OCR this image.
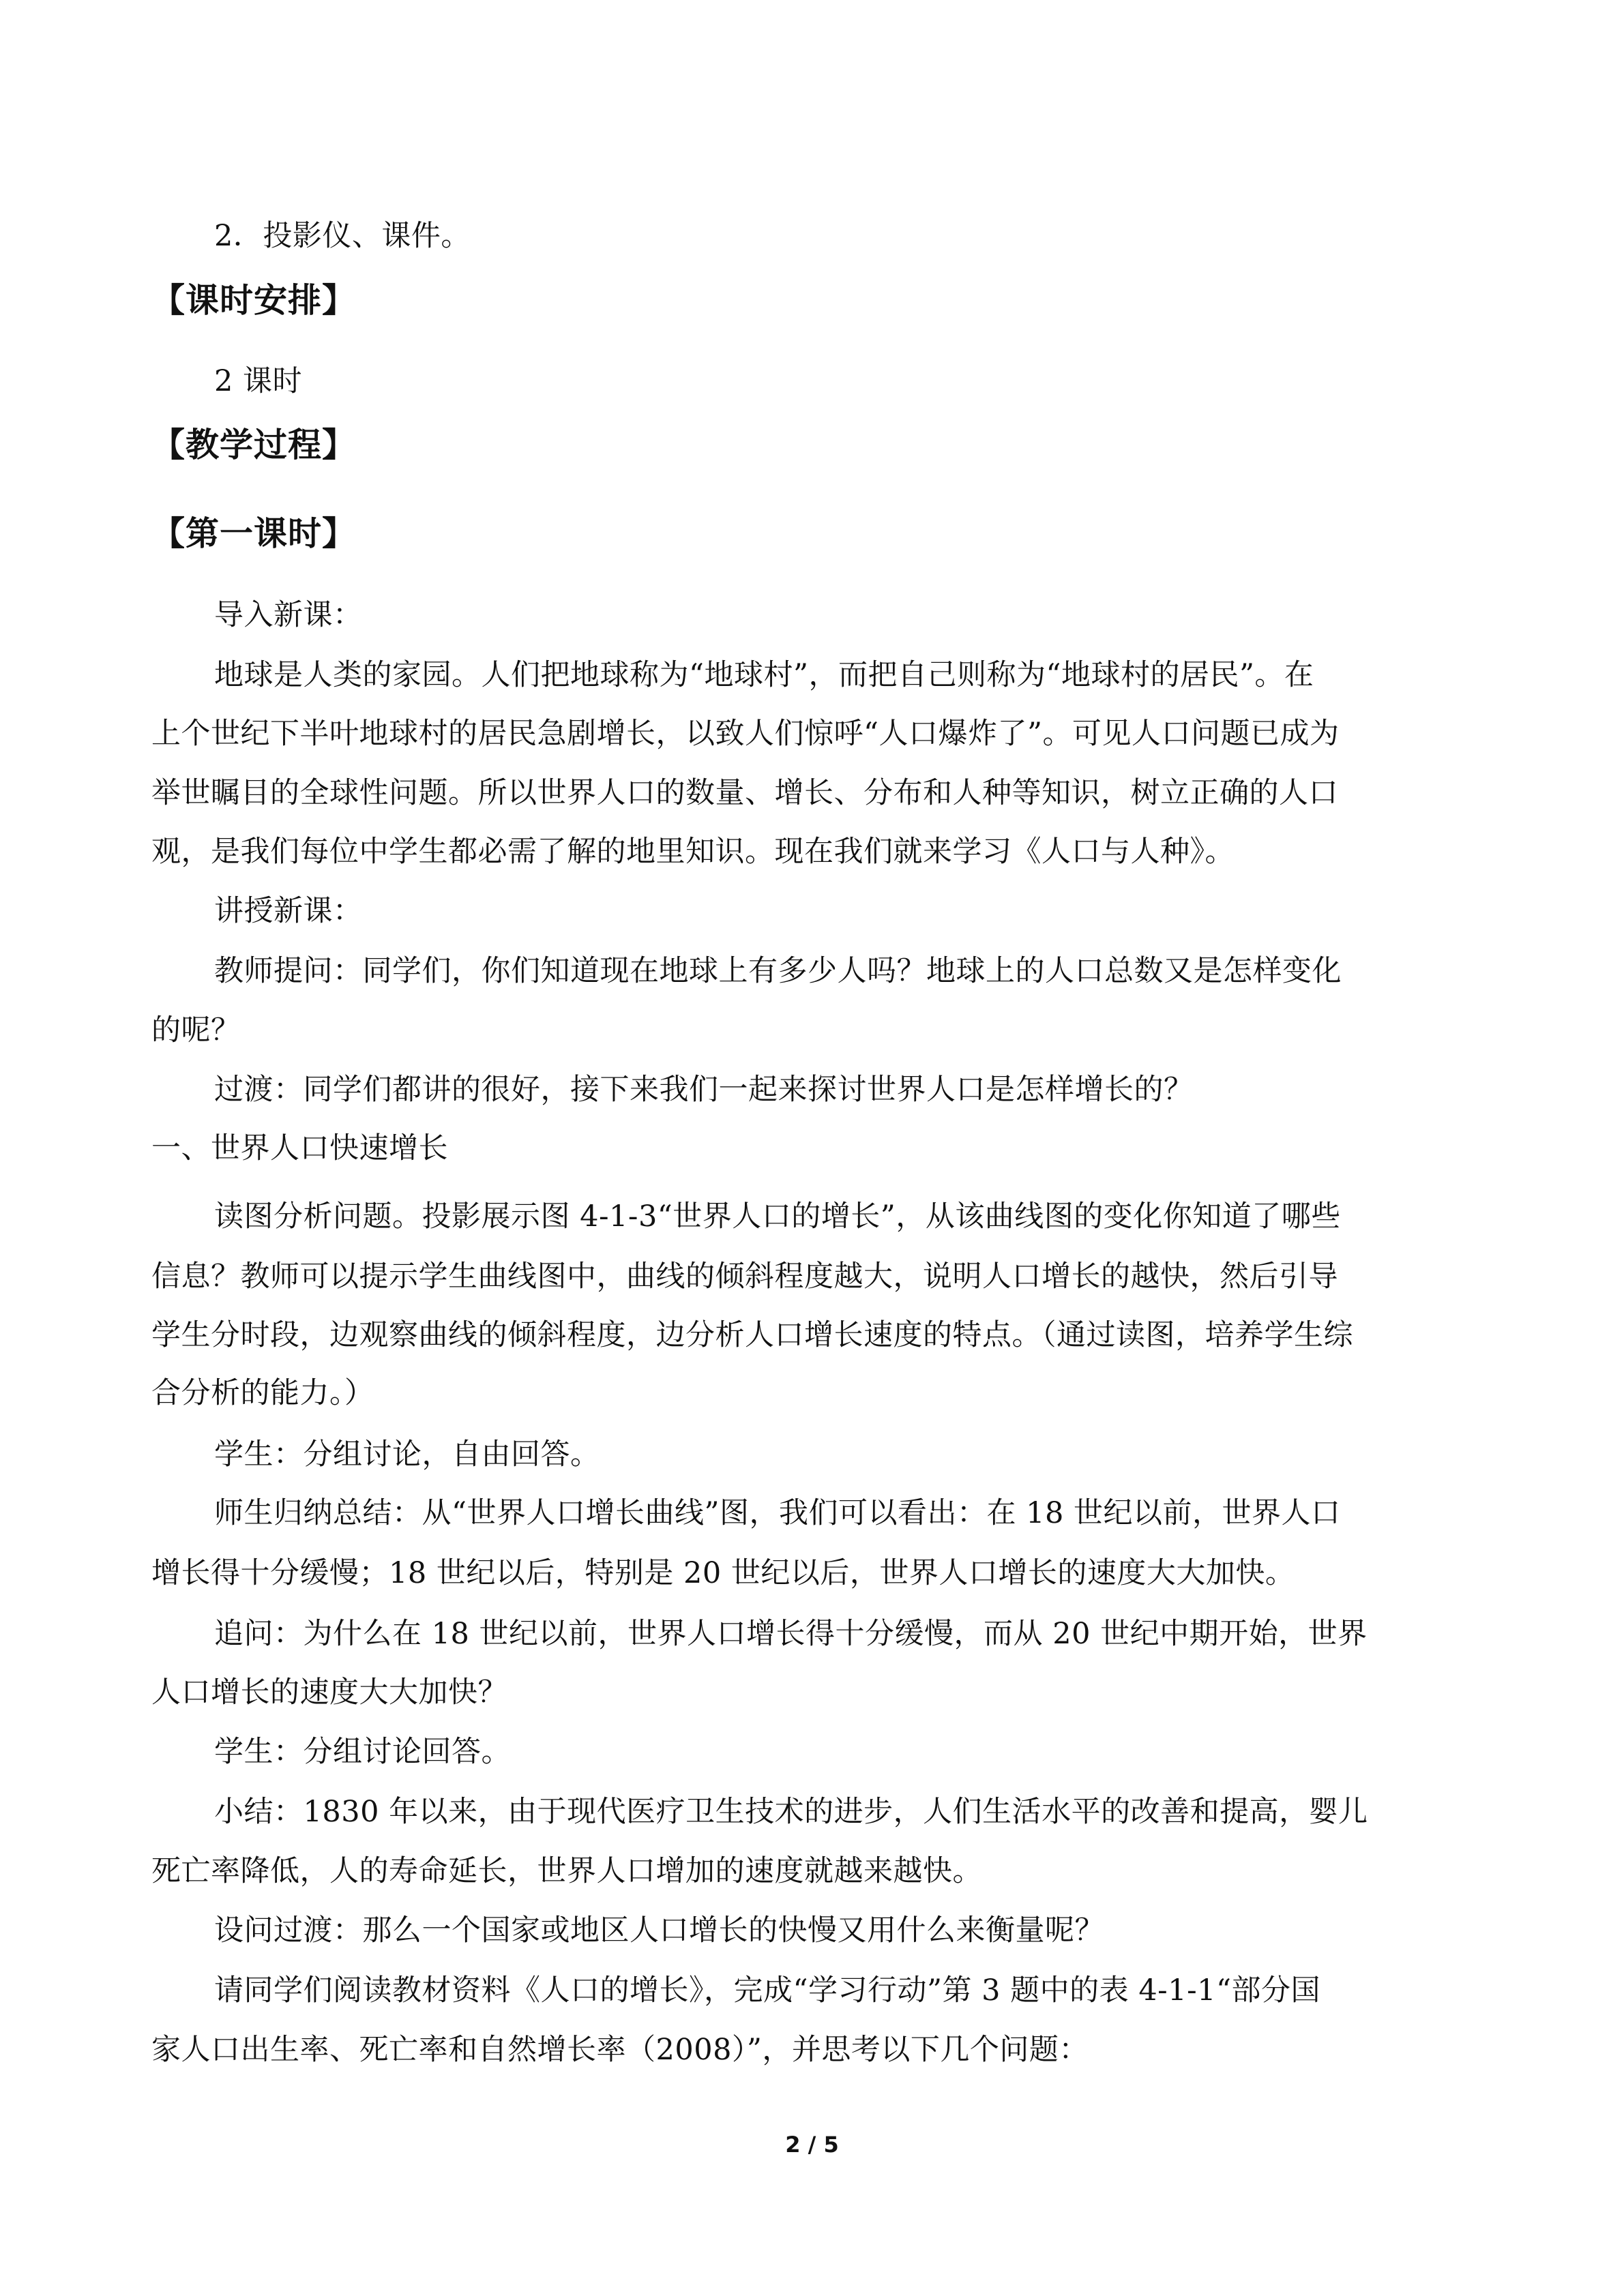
2．投影仪、课件。
【课时安排】
2 课时
【教学过程】
【第一课时】
导入新课：
地球是人类的家园。人们把地球称为“地球村”，而把自己则称为“地球村的居民”。在
上个世纪下半叶地球村的居民急剧增长，以致人们惊呼“人口爆炸了”。可见人口问题已成为
举世瞩目的全球性问题。所以世界人口的数量、增长、分布和人种等知识，树立正确的人口
观，是我们每位中学生都必需了解的地里知识。现在我们就来学习《人口与人种》。
讲授新课：
教师提问：同学们，你们知道现在地球上有多少人吗？地球上的人口总数又是怎样变化
的呢？
过渡：同学们都讲的很好，接下来我们一起来探讨世界人口是怎样增长的？
一、世界人口快速增长
读图分析问题。投影展示图 4-1-3“世界人口的增长”，从该曲线图的变化你知道了哪些
信息？教师可以提示学生曲线图中，曲线的倾斜程度越大，说明人口增长的越快，然后引导
学生分时段，边观察曲线的倾斜程度，边分析人口增长速度的特点。（通过读图，培养学生综
合分析的能力。）
学生：分组讨论，自由回答。
师生归纳总结：从“世界人口增长曲线”图，我们可以看出：在 18 世纪以前，世界人口
增长得十分缓慢；18 世纪以后，特别是 20 世纪以后，世界人口增长的速度大大加快。
追问：为什么在 18 世纪以前，世界人口增长得十分缓慢，而从 20 世纪中期开始，世界
人口增长的速度大大加快？
学生：分组讨论回答。
小结：1830 年以来，由于现代医疗卫生技术的进步，人们生活水平的改善和提高，婴儿
死亡率降低，人的寿命延长，世界人口增加的速度就越来越快。
设问过渡：那么一个国家或地区人口增长的快慢又用什么来衡量呢？
请同学们阅读教材资料《人口的增长》，完成“学习行动”第 3 题中的表 4-1-1“部分国
家人口出生率、死亡率和自然增长率（2008）”，并思考以下几个问题：
2 / 5
